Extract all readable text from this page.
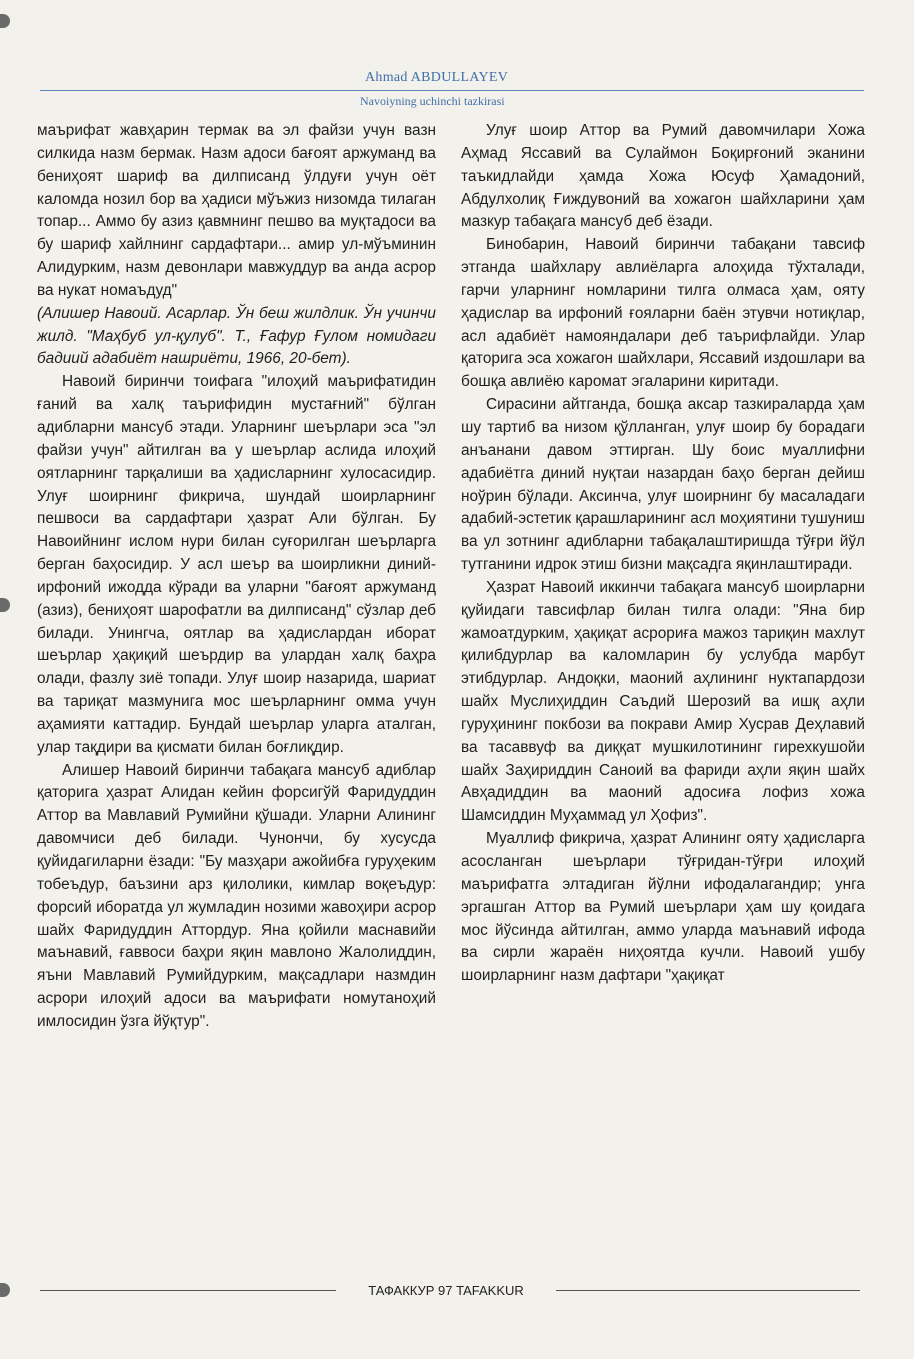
Ahmad ABDULLAYEV
Navoiyning uchinchi tazkirasi

маърифат жавҳарин термак ва эл файзи учун вазн силкида назм бермак. Назм адоси бағоят аржуманд ва бениҳоят шариф ва дилписанд ўлдуғи учун оёт каломда нозил бор ва ҳадиси мўъжиз низомда тилаган топар... Аммо бу азиз қавмнинг пешво ва муқтадоси ва бу шариф хайлнинг сардафтари... амир ул-мўъминин Алидурким, назм девонлари мавжуддур ва анда асрор ва нукат номаъдуд"

(Алишер Навоий. Асарлар. Ўн беш жилдлик. Ўн учинчи жилд. "Маҳбуб ул-қулуб". Т., Ғафур Ғулом номидаги бадиий адабиёт нашриёти, 1966, 20-бет).

Навоий биринчи тоифага "илоҳий маърифатидин ғаний ва халқ таърифидин мустағний" бўлган адибларни мансуб этади. Уларнинг шеърлари эса "эл файзи учун" айтилган ва у шеърлар аслида илоҳий оятларнинг тарқалиши ва ҳадисларнинг хулосасидир. Улуғ шоирнинг фикрича, шундай шоирларнинг пешвоси ва сардафтари ҳазрат Али бўлган. Бу Навоийнинг ислом нури билан суғорилган шеърларга берган баҳосидир. У асл шеър ва шоирликни диний-ирфоний ижодда кўради ва уларни "бағоят аржуманд (азиз), бениҳоят шарофатли ва дилписанд" сўзлар деб билади. Унингча, оятлар ва ҳадислардан иборат шеърлар ҳақиқий шеърдир ва улардан халқ баҳра олади, фазлу зиё топади. Улуғ шоир назарида, шариат ва тариқат мазмунига мос шеърларнинг омма учун аҳамияти каттадир. Бундай шеърлар уларга аталган, улар тақдири ва қисмати билан боғлиқдир.

Алишер Навоий биринчи табақага мансуб адиблар қаторига ҳазрат Алидан кейин форсигўй Фаридуддин Аттор ва Мавлавий Румийни қўшади. Уларни Алининг давомчиси деб билади. Чунончи, бу хусусда қуйидагиларни ёзади: "Бу мазҳари ажойибға гуруҳеким тобеъдур, баъзини арз қилолики, кимлар воқеъдур: форсий иборатда ул жумладин нозими жавоҳири асрор шайх Фаридуддин Аттордур. Яна қойили маснавийи маънавий, ғаввоси баҳри яқин мавлоно Жалолиддин, яъни Мавлавий Румийдурким, мақсадлари назмдин асрори илоҳий адоси ва маърифати номутаноҳий имлосидин ўзга йўқтур".

Улуғ шоир Аттор ва Румий давомчилари Хожа Аҳмад Яссавий ва Сулаймон Боқирғоний эканини таъкидлайди ҳамда Хожа Юсуф Ҳамадоний, Абдулхолиқ Ғиждувоний ва хожагон шайхларини ҳам мазкур табақага мансуб деб ёзади.

Бинобарин, Навоий биринчи табақани тавсиф этганда шайхлару авлиёларга алоҳида тўхталади, гарчи уларнинг номларини тилга олмаса ҳам, ояту ҳадислар ва ирфоний ғояларни баён этувчи нотиқлар, асл адабиёт намояндалари деб таърифлайди. Улар қаторига эса хожагон шайхлари, Яссавий издошлари ва бошқа авлиёю каромат эгаларини киритади.

Сирасини айтганда, бошқа аксар тазкираларда ҳам шу тартиб ва низом қўлланган, улуғ шоир бу борадаги анъанани давом эттирган. Шу боис муаллифни адабиётга диний нуқтаи назардан баҳо берган дейиш ноўрин бўлади. Аксинча, улуғ шоирнинг бу масаладаги адабий-эстетик қарашларининг асл моҳиятини тушуниш ва ул зотнинг адибларни табақалаштиришда тўғри йўл тутганини идрок этиш бизни мақсадга яқинлаштиради.

Ҳазрат Навоий иккинчи табақага мансуб шоирларни қуйидаги тавсифлар билан тилга олади: "Яна бир жамоатдурким, ҳақиқат асрориға мажоз тариқин махлут қилибдурлар ва каломларин бу услубда марбут этибдурлар. Андоқки, маоний аҳлининг нуктапардози шайх Муслиҳиддин Саъдий Шерозий ва ишқ аҳли гуруҳининг покбози ва покрави Амир Хусрав Деҳлавий ва тасаввуф ва диққат мушкилотининг гирехкушойи шайх Заҳириддин Саноий ва фариди аҳли яқин шайх Авҳадиддин ва маоний адосиға лофиз хожа Шамсиддин Муҳаммад ул Ҳофиз".

Муаллиф фикрича, ҳазрат Алининг ояту ҳадисларга асосланган шеърлари тўғридан-тўғри илоҳий маърифатга элтадиган йўлни ифодалагандир; унга эргашган Аттор ва Румий шеърлари ҳам шу қоидага мос йўсинда айтилган, аммо уларда маънавий ифода ва сирли жараён ниҳоятда кучли. Навоий ушбу шоирларнинг назм дафтари "ҳақиқат

ТАФАККУР 97 TAFAKKUR
